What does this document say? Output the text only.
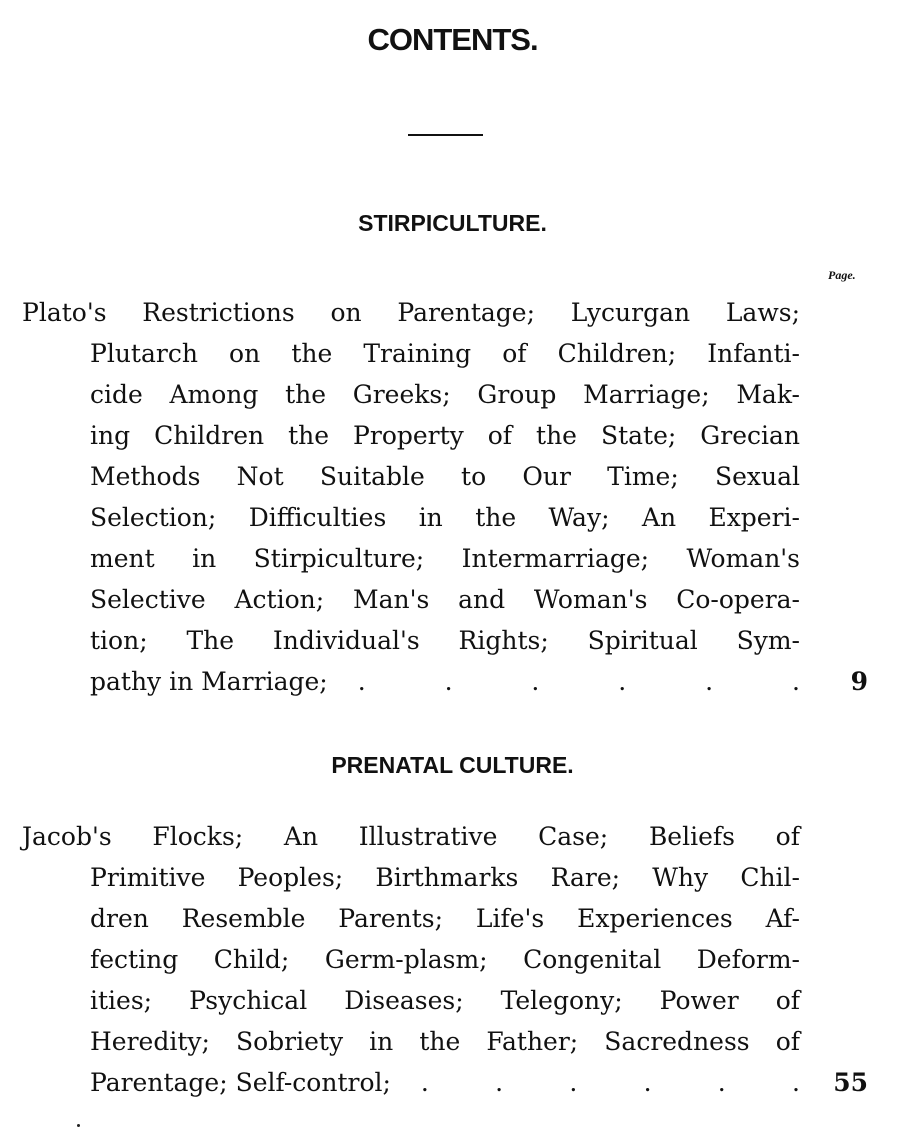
CONTENTS.
Page.
STIRPICULTURE.
Plato's Restrictions on Parentage; Lycurgan Laws;
Plutarch on the Training of Children; Infanti-
cide Among the Greeks; Group Marriage; Mak-
ing Children the Property of the State; Grecian
Methods Not Suitable to Our Time; Sexual
Selection; Difficulties in the Way; An Experi-
ment in Stirpiculture; Intermarriage; Woman's
Selective Action; Man's and Woman's Co-opera-
tion; The Individual's Rights; Spiritual Sym-
pathy in Marriage; .	.	.	.	.	.	9
PRENATAL CULTURE.
Jacob's Flocks; An Illustrative Case; Beliefs of
Primitive Peoples; Birthmarks Rare; Why Chil-
dren Resemble Parents; Life's Experiences Af-
fecting Child; Germ-plasm; Congenital Deform-
ities; Psychical Diseases; Telegony; Power of
Heredity; Sobriety in the Father; Sacredness of
Parentage; Self-control; .	.	.	.	.	.	55
